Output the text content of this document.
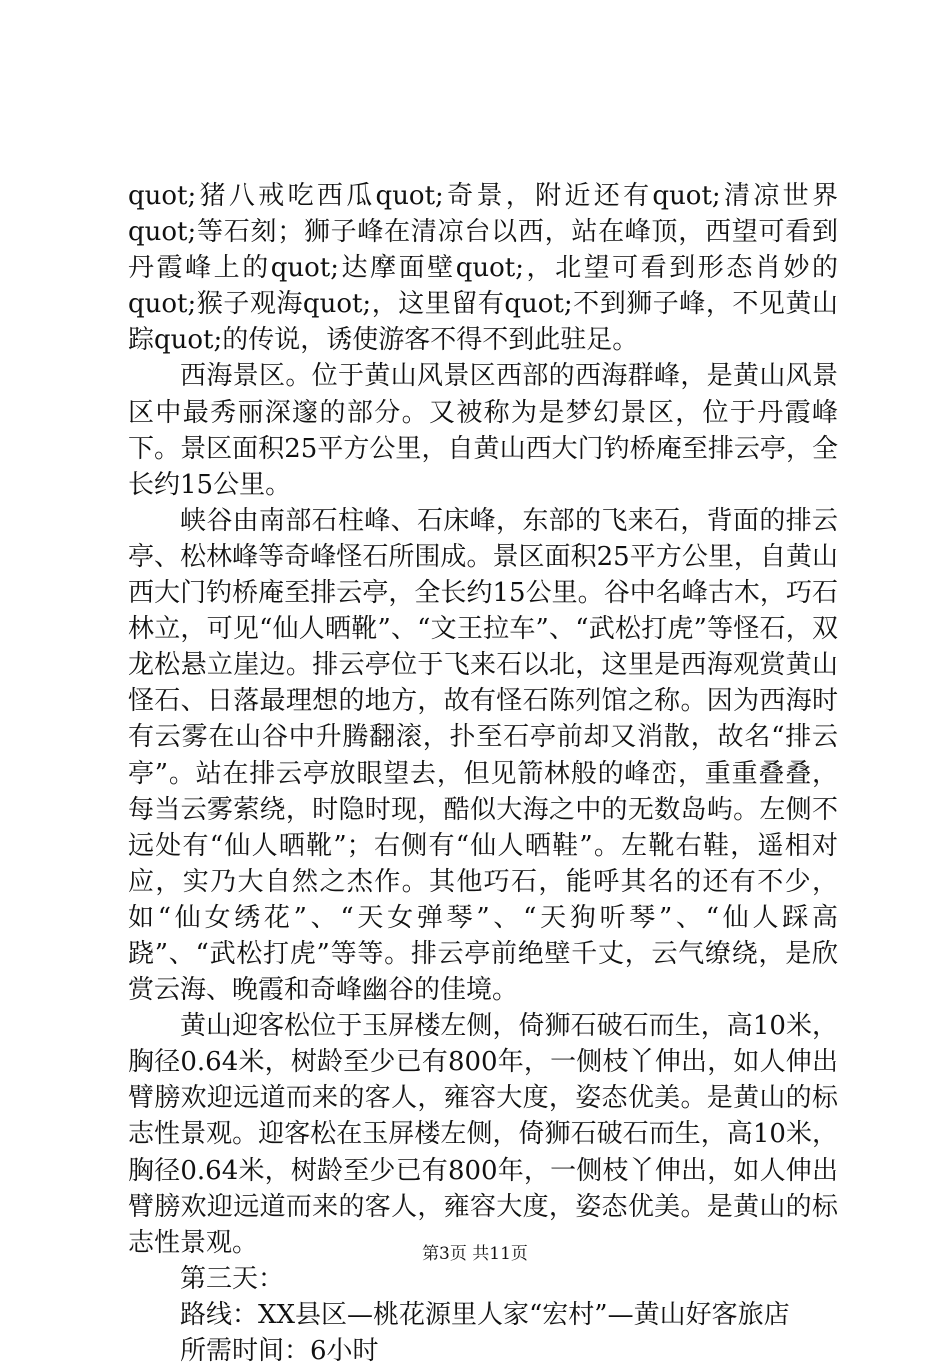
quot;猪八戒吃西瓜quot;奇景，附近还有quot;清凉世界quot;等石刻；狮子峰在清凉台以西，站在峰顶，西望可看到丹霞峰上的quot;达摩面壁quot;，北望可看到形态肖妙的quot;猴子观海quot;，这里留有quot;不到狮子峰，不见黄山踪quot;的传说，诱使游客不得不到此驻足。

西海景区。位于黄山风景区西部的西海群峰，是黄山风景区中最秀丽深邃的部分。又被称为是梦幻景区，位于丹霞峰下。景区面积25平方公里，自黄山西大门钓桥庵至排云亭，全长约15公里。

峡谷由南部石柱峰、石床峰，东部的飞来石，背面的排云亭、松林峰等奇峰怪石所围成。景区面积25平方公里，自黄山西大门钓桥庵至排云亭，全长约15公里。谷中名峰古木，巧石林立，可见“仙人晒靴”、“文王拉车”、“武松打虎”等怪石，双龙松悬立崖边。排云亭位于飞来石以北，这里是西海观赏黄山怪石、日落最理想的地方，故有怪石陈列馆之称。因为西海时有云雾在山谷中升腾翻滚，扑至石亭前却又消散，故名“排云亭”。站在排云亭放眼望去，但见箭林般的峰峦，重重叠叠，每当云雾萦绕，时隐时现，酷似大海之中的无数岛屿。左侧不远处有“仙人晒靴”；右侧有“仙人晒鞋”。左靴右鞋，遥相对应，实乃大自然之杰作。其他巧石，能呼其名的还有不少，如“仙女绣花”、“天女弹琴”、“天狗听琴”、“仙人踩高跷”、“武松打虎”等等。排云亭前绝壁千丈，云气缭绕，是欣赏云海、晚霞和奇峰幽谷的佳境。

黄山迎客松位于玉屏楼左侧，倚狮石破石而生，高10米，胸径0.64米，树龄至少已有800年，一侧枝丫伸出，如人伸出臂膀欢迎远道而来的客人，雍容大度，姿态优美。是黄山的标志性景观。迎客松在玉屏楼左侧，倚狮石破石而生，高10米，胸径0.64米，树龄至少已有800年，一侧枝丫伸出，如人伸出臂膀欢迎远道而来的客人，雍容大度，姿态优美。是黄山的标志性景观。

第三天：

路线：XX县区—桃花源里人家“宏村”—黄山好客旅店

所需时间：6小时

第3页 共11页
